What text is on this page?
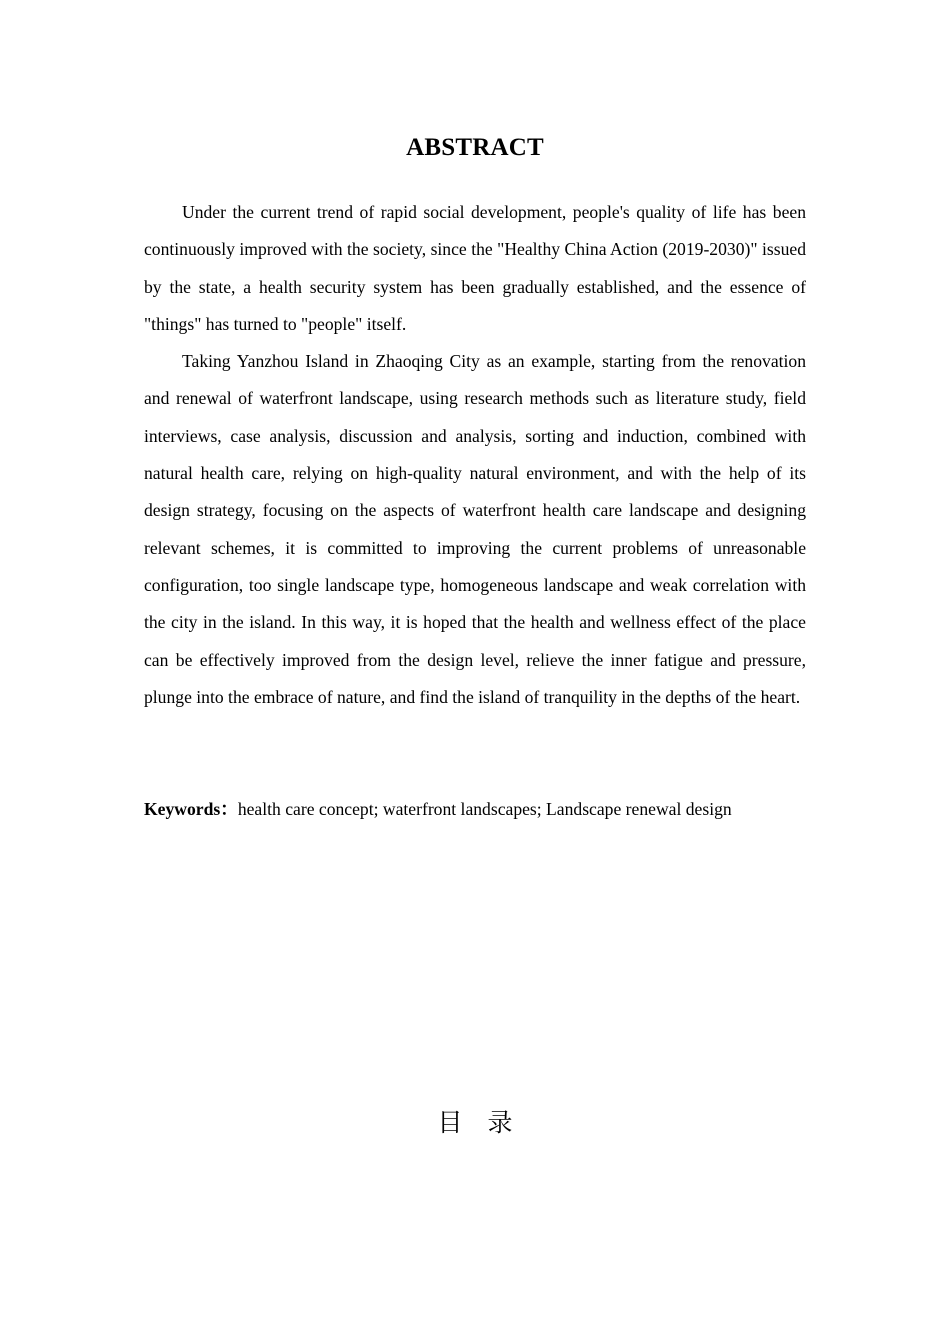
ABSTRACT

Under the current trend of rapid social development, people's quality of life has been continuously improved with the society, since the "Healthy China Action (2019-2030)" issued by the state, a health security system has been gradually established, and the essence of "things" has turned to "people" itself.

Taking Yanzhou Island in Zhaoqing City as an example, starting from the renovation and renewal of waterfront landscape, using research methods such as literature study, field interviews, case analysis, discussion and analysis, sorting and induction, combined with natural health care, relying on high-quality natural environment, and with the help of its design strategy, focusing on the aspects of waterfront health care landscape and designing relevant schemes, it is committed to improving the current problems of unreasonable configuration, too single landscape type, homogeneous landscape and weak correlation with the city in the island. In this way, it is hoped that the health and wellness effect of the place can be effectively improved from the design level, relieve the inner fatigue and pressure, plunge into the embrace of nature, and find the island of tranquility in the depths of the heart.

Keywords：health care concept; waterfront landscapes; Landscape renewal design
目　录
